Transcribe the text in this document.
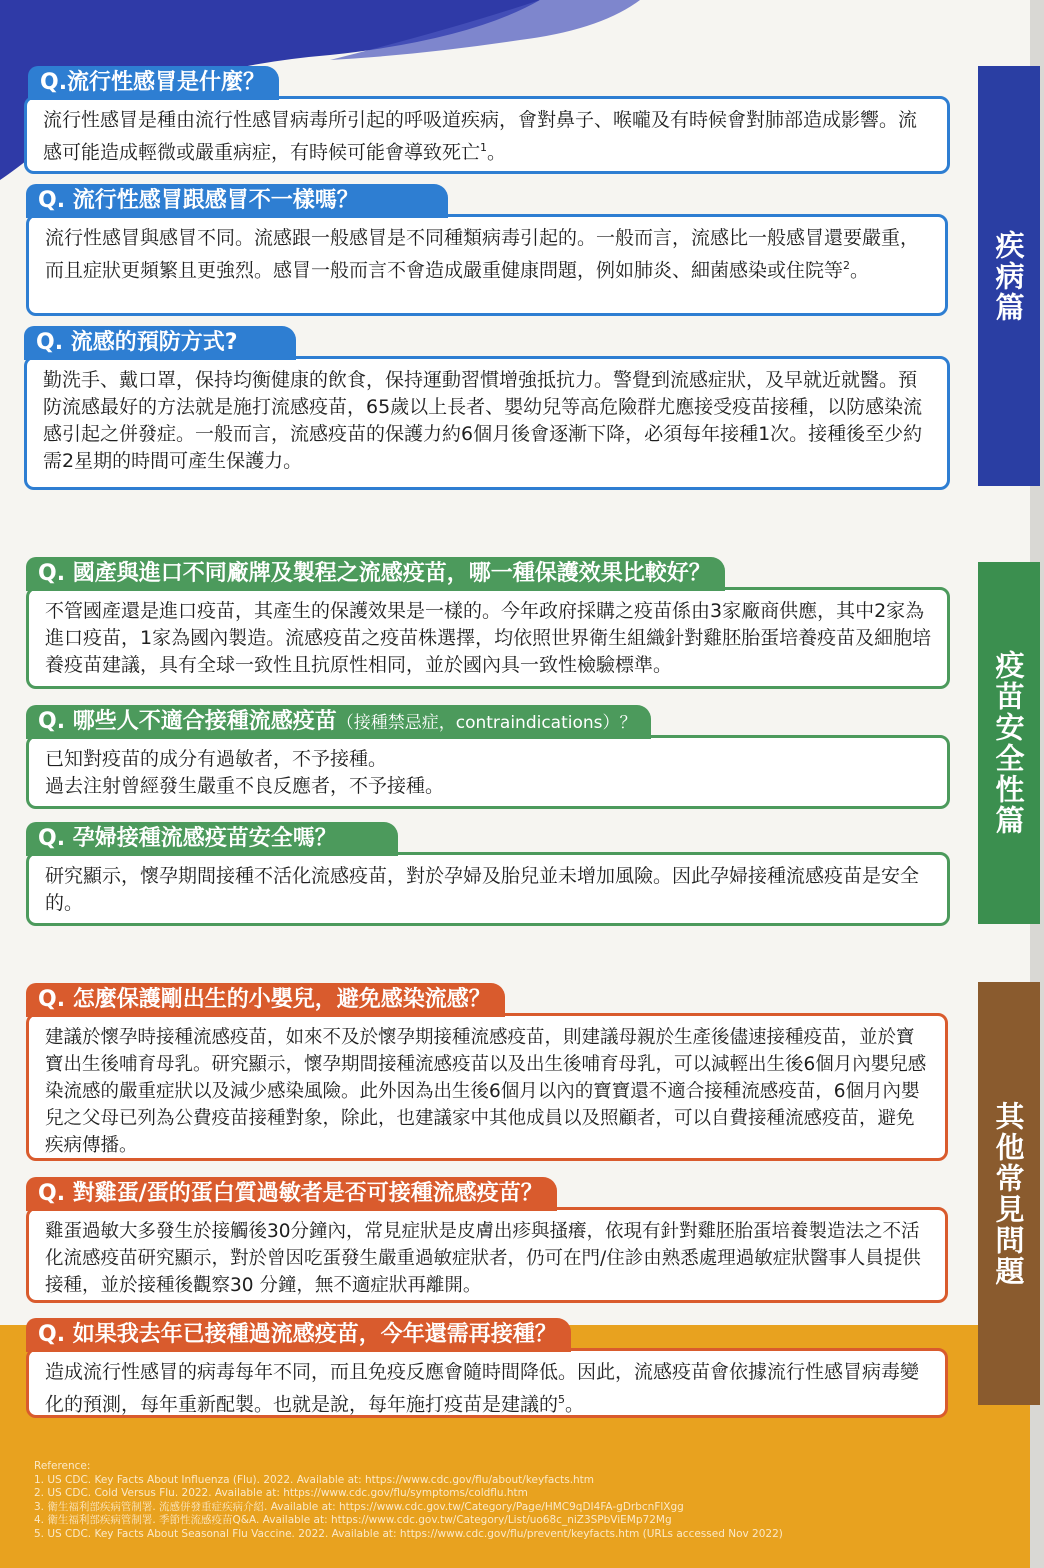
疾病篇
疫苗安全性篇
其他常見問題
Q.流行性感冒是什麼？
流行性感冒是種由流行性感冒病毒所引起的呼吸道疾病，會對鼻子、喉嚨及有時候會對肺部造成影響。流感可能造成輕微或嚴重病症，有時候可能會導致死亡$^1$。
Q. 流行性感冒跟感冒不一樣嗎？
流行性感冒與感冒不同。流感跟一般感冒是不同種類病毒引起的。一般而言，流感比一般感冒還要嚴重，而且症狀更頻繁且更強烈。感冒一般而言不會造成嚴重健康問題，例如肺炎、細菌感染或住院等$^2$。
Q. 流感的預防方式?
勤洗手、戴口罩，保持均衡健康的飲食，保持運動習慣增強抵抗力。警覺到流感症狀，及早就近就醫。預防流感最好的方法就是施打流感疫苗，65歲以上長者、嬰幼兒等高危險群尤應接受疫苗接種，以防感染流感引起之併發症。一般而言，流感疫苗的保護力約6個月後會逐漸下降，必須每年接種1次。接種後至少約需2星期的時間可產生保護力。
Q. 國產與進口不同廠牌及製程之流感疫苗，哪一種保護效果比較好？
不管國產還是進口疫苗，其產生的保護效果是一樣的。今年政府採購之疫苗係由3家廠商供應，其中2家為進口疫苗，1家為國內製造。流感疫苗之疫苗株選擇，均依照世界衛生組織針對雞胚胎蛋培養疫苗及細胞培養疫苗建議，具有全球一致性且抗原性相同，並於國內具一致性檢驗標準。
Q. 哪些人不適合接種流感疫苗（接種禁忌症，contraindications）？
已知對疫苗的成分有過敏者，不予接種。
過去注射曾經發生嚴重不良反應者，不予接種。
Q. 孕婦接種流感疫苗安全嗎？
研究顯示，懷孕期間接種不活化流感疫苗，對於孕婦及胎兒並未增加風險。因此孕婦接種流感疫苗是安全的。
Q. 怎麼保護剛出生的小嬰兒，避免感染流感？
建議於懷孕時接種流感疫苗，如來不及於懷孕期接種流感疫苗，則建議母親於生產後儘速接種疫苗，並於寶寶出生後哺育母乳。研究顯示，懷孕期間接種流感疫苗以及出生後哺育母乳，可以減輕出生後6個月內嬰兒感染流感的嚴重症狀以及減少感染風險。此外因為出生後6個月以內的寶寶還不適合接種流感疫苗，6個月內嬰兒之父母已列為公費疫苗接種對象，除此，也建議家中其他成員以及照顧者，可以自費接種流感疫苗，避免疾病傳播。
Q. 對雞蛋/蛋的蛋白質過敏者是否可接種流感疫苗？
雞蛋過敏大多發生於接觸後30分鐘內，常見症狀是皮膚出疹與搔癢，依現有針對雞胚胎蛋培養製造法之不活化流感疫苗研究顯示，對於曾因吃蛋發生嚴重過敏症狀者，仍可在門/住診由熟悉處理過敏症狀醫事人員提供接種，並於接種後觀察30 分鐘，無不適症狀再離開。
Q. 如果我去年已接種過流感疫苗，今年還需再接種？
造成流行性感冒的病毒每年不同，而且免疫反應會隨時間降低。因此，流感疫苗會依據流行性感冒病毒變化的預測，每年重新配製。也就是說，每年施打疫苗是建議的$^5$。
Reference:
1. US CDC. Key Facts About Influenza (Flu). 2022. Available at: https://www.cdc.gov/flu/about/keyfacts.htm
2. US CDC. Cold Versus Flu. 2022. Available at: https://www.cdc.gov/flu/symptoms/coldflu.htm
3. 衛生福利部疾病管制署. 流感併發重症疾病介紹. Available at: https://www.cdc.gov.tw/Category/Page/HMC9qDI4FA-gDrbcnFlXgg
4. 衛生福利部疾病管制署. 季節性流感疫苗Q&A. Available at: https://www.cdc.gov.tw/Category/List/uo68c_niZ3SPbViEMp72Mg
5. US CDC. Key Facts About Seasonal Flu Vaccine. 2022. Available at: https://www.cdc.gov/flu/prevent/keyfacts.htm (URLs accessed Nov 2022)
